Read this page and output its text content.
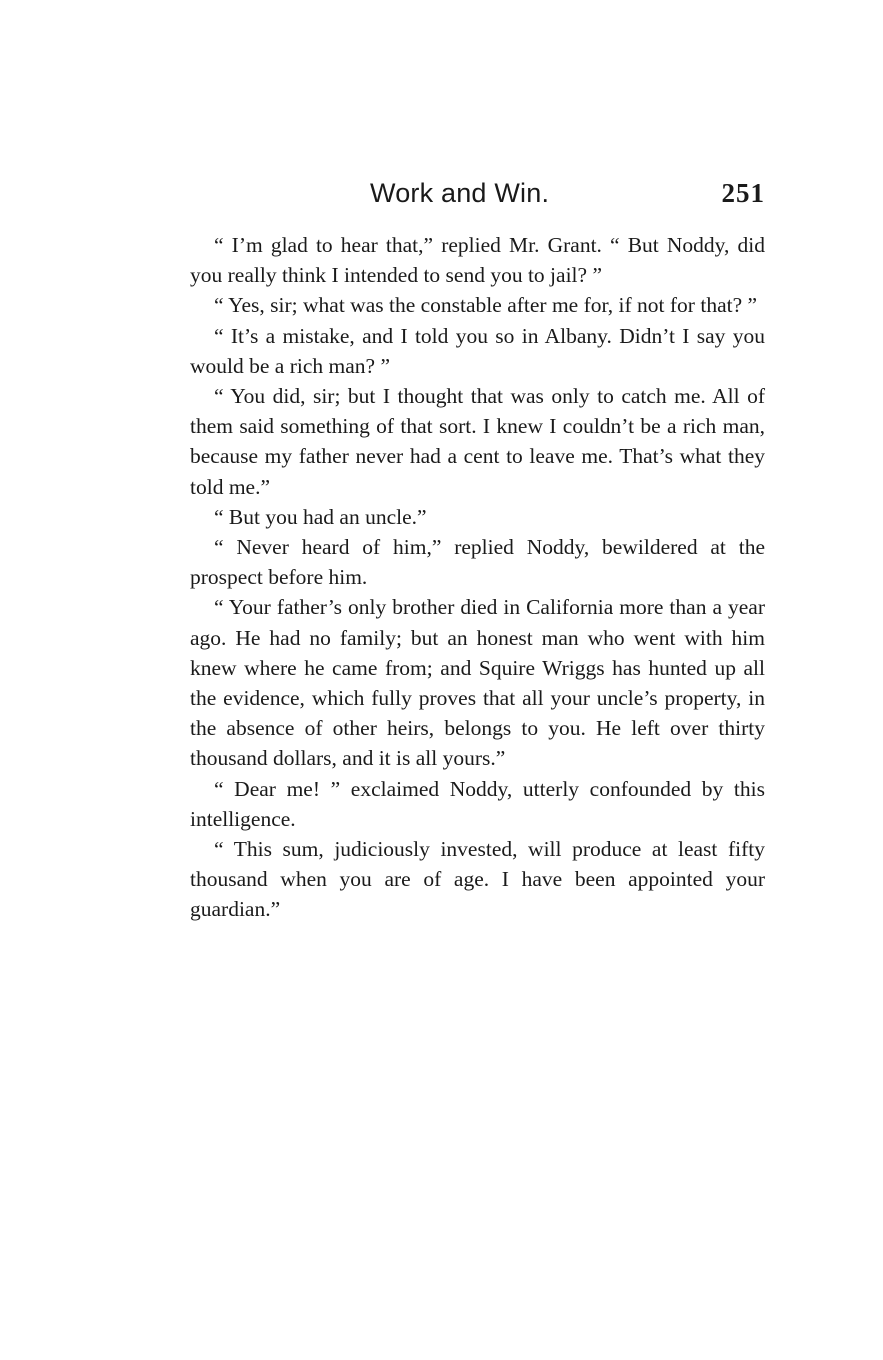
Work and Win.	251

“ I’m glad to hear that,” replied Mr. Grant. “ But Noddy, did you really think I intended to send you to jail? ”

“ Yes, sir; what was the constable after me for, if not for that? ”

“ It’s a mistake, and I told you so in Albany. Didn’t I say you would be a rich man? ”

“ You did, sir; but I thought that was only to catch me. All of them said something of that sort. I knew I couldn’t be a rich man, because my father never had a cent to leave me. That’s what they told me.”

“ But you had an uncle.”

“ Never heard of him,” replied Noddy, bewildered at the prospect before him.

“ Your father’s only brother died in California more than a year ago. He had no family; but an honest man who went with him knew where he came from; and Squire Wriggs has hunted up all the evidence, which fully proves that all your uncle’s property, in the absence of other heirs, belongs to you. He left over thirty thousand dollars, and it is all yours.”

“ Dear me! ” exclaimed Noddy, utterly confounded by this intelligence.

“ This sum, judiciously invested, will produce at least fifty thousand when you are of age. I have been appointed your guardian.”
